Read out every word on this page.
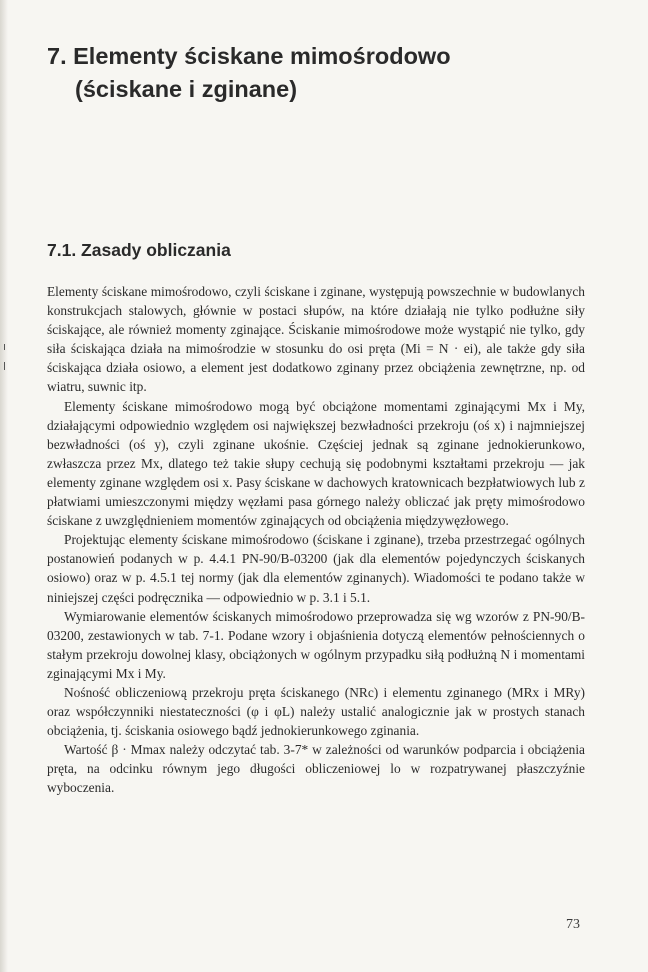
7. Elementy ściskane mimośrodowo
(ściskane i zginane)
7.1. Zasady obliczania

Elementy ściskane mimośrodowo, czyli ściskane i zginane, występują powszechnie w budowlanych konstrukcjach stalowych, głównie w postaci słupów, na które działają nie tylko podłużne siły ściskające, ale również momenty zginające. Ściskanie mimośrodowe może wystąpić nie tylko, gdy siła ściskająca działa na mimośrodzie w stosunku do osi pręta (Mi = N · ei), ale także gdy siła ściskająca działa osiowo, a element jest dodatkowo zginany przez obciążenia zewnętrzne, np. od wiatru, suwnic itp.

Elementy ściskane mimośrodowo mogą być obciążone momentami zginającymi Mx i My, działającymi odpowiednio względem osi największej bezwładności przekroju (oś x) i najmniejszej bezwładności (oś y), czyli zginane ukośnie. Częściej jednak są zginane jednokierunkowo, zwłaszcza przez Mx, dlatego też takie słupy cechują się podobnymi kształtami przekroju — jak elementy zginane względem osi x. Pasy ściskane w dachowych kratownicach bezpłatwiowych lub z płatwiami umieszczonymi między węzłami pasa górnego należy obliczać jak pręty mimośrodowo ściskane z uwzględnieniem momentów zginających od obciążenia międzywęzłowego.

Projektując elementy ściskane mimośrodowo (ściskane i zginane), trzeba przestrzegać ogólnych postanowień podanych w p. 4.4.1 PN-90/B-03200 (jak dla elementów pojedynczych ściskanych osiowo) oraz w p. 4.5.1 tej normy (jak dla elementów zginanych). Wiadomości te podano także w niniejszej części podręcznika — odpowiednio w p. 3.1 i 5.1.

Wymiarowanie elementów ściskanych mimośrodowo przeprowadza się wg wzorów z PN-90/B-03200, zestawionych w tab. 7-1. Podane wzory i objaśnienia dotyczą elementów pełnościennych o stałym przekroju dowolnej klasy, obciążonych w ogólnym przypadku siłą podłużną N i momentami zginającymi Mx i My.

Nośność obliczeniową przekroju pręta ściskanego (NRc) i elementu zginanego (MRx i MRy) oraz współczynniki niestateczności (φ i φL) należy ustalić analogicznie jak w prostych stanach obciążenia, tj. ściskania osiowego bądź jednokierunkowego zginania.

Wartość β · Mmax należy odczytać tab. 3-7* w zależności od warunków podparcia i obciążenia pręta, na odcinku równym jego długości obliczeniowej lo w rozpatrywanej płaszczyźnie wyboczenia.

73
